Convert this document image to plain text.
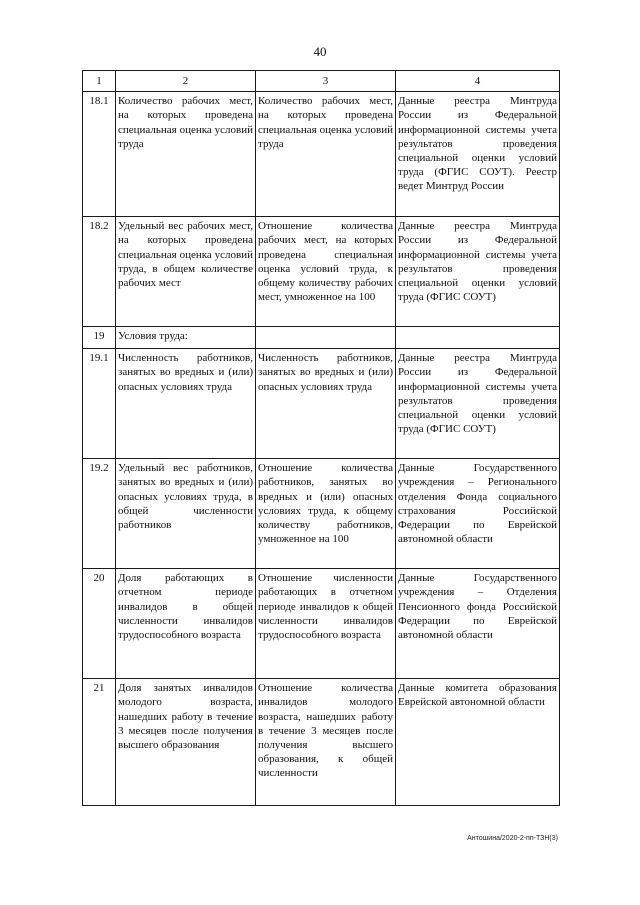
40
1	2	3	4
18.1	Количество рабочих мест, на которых проведена специальная оценка условий труда	Количество рабочих мест, на которых проведена специальная оценка условий труда	Данные реестра Минтруда России из Федеральной информационной системы учета результатов проведения специальной оценки условий труда (ФГИС СОУТ). Реестр ведет Минтруд России
18.2	Удельный вес рабочих мест, на которых проведена специальная оценка условий труда, в общем количестве рабочих мест	Отношение количества рабочих мест, на которых проведена специальная оценка условий труда, к общему количеству рабочих мест, умноженное на 100	Данные реестра Минтруда России из Федеральной информационной системы учета результатов проведения специальной оценки условий труда (ФГИС СОУТ)
19	Условия труда:		
19.1	Численность работников, занятых во вредных и (или) опасных условиях труда	Численность работников, занятых во вредных и (или) опасных условиях труда	Данные реестра Минтруда России из Федеральной информационной системы учета результатов проведения специальной оценки условий труда (ФГИС СОУТ)
19.2	Удельный вес работников, занятых во вредных и (или) опасных условиях труда, в общей численности работников	Отношение количества работников, занятых во вредных и (или) опасных условиях труда, к общему количеству работников, умноженное на 100	Данные Государственного учреждения – Регионального отделения Фонда социального страхования Российской Федерации по Еврейской автономной области
20	Доля работающих в отчетном периоде инвалидов в общей численности инвалидов трудоспособного возраста	Отношение численности работающих в отчетном периоде инвалидов к общей численности инвалидов трудоспособного возраста	Данные Государственного учреждения – Отделения Пенсионного фонда Российской Федерации по Еврейской автономной области
21	Доля занятых инвалидов молодого возраста, нашедших работу в течение 3 месяцев после получения высшего образования	Отношение количества инвалидов молодого возраста, нашедших работу в течение 3 месяцев после получения высшего образования, к общей численности	Данные комитета образования Еврейской автономной области
Антошина/2020-2-пп-ТЗН(3)
